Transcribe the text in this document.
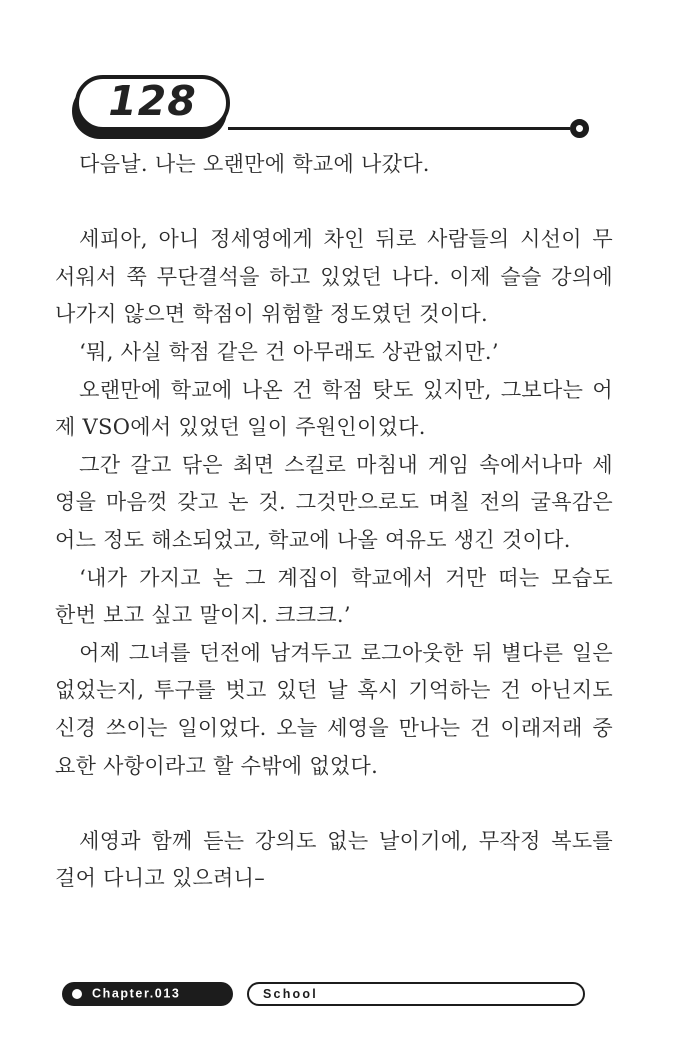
128
다음날. 나는 오랜만에 학교에 나갔다.
세피아, 아니 정세영에게 차인 뒤로 사람들의 시선이 무
서워서 쭉 무단결석을 하고 있었던 나다. 이제 슬슬 강의에
나가지 않으면 학점이 위험할 정도였던 것이다.
‘뭐, 사실 학점 같은 건 아무래도 상관없지만.’
오랜만에 학교에 나온 건 학점 탓도 있지만, 그보다는 어
제 VSO에서 있었던 일이 주원인이었다.
그간 갈고 닦은 최면 스킬로 마침내 게임 속에서나마 세
영을 마음껏 갖고 논 것. 그것만으로도 며칠 전의 굴욕감은
어느 정도 해소되었고, 학교에 나올 여유도 생긴 것이다.
‘내가 가지고 논 그 계집이 학교에서 거만 떠는 모습도
한번 보고 싶고 말이지. 크크크.’
어제 그녀를 던전에 남겨두고 로그아웃한 뒤 별다른 일은
없었는지, 투구를 벗고 있던 날 혹시 기억하는 건 아닌지도
신경 쓰이는 일이었다. 오늘 세영을 만나는 건 이래저래 중
요한 사항이라고 할 수밖에 없었다.
세영과 함께 듣는 강의도 없는 날이기에, 무작정 복도를
걸어 다니고 있으려니–
Chapter.013	School
